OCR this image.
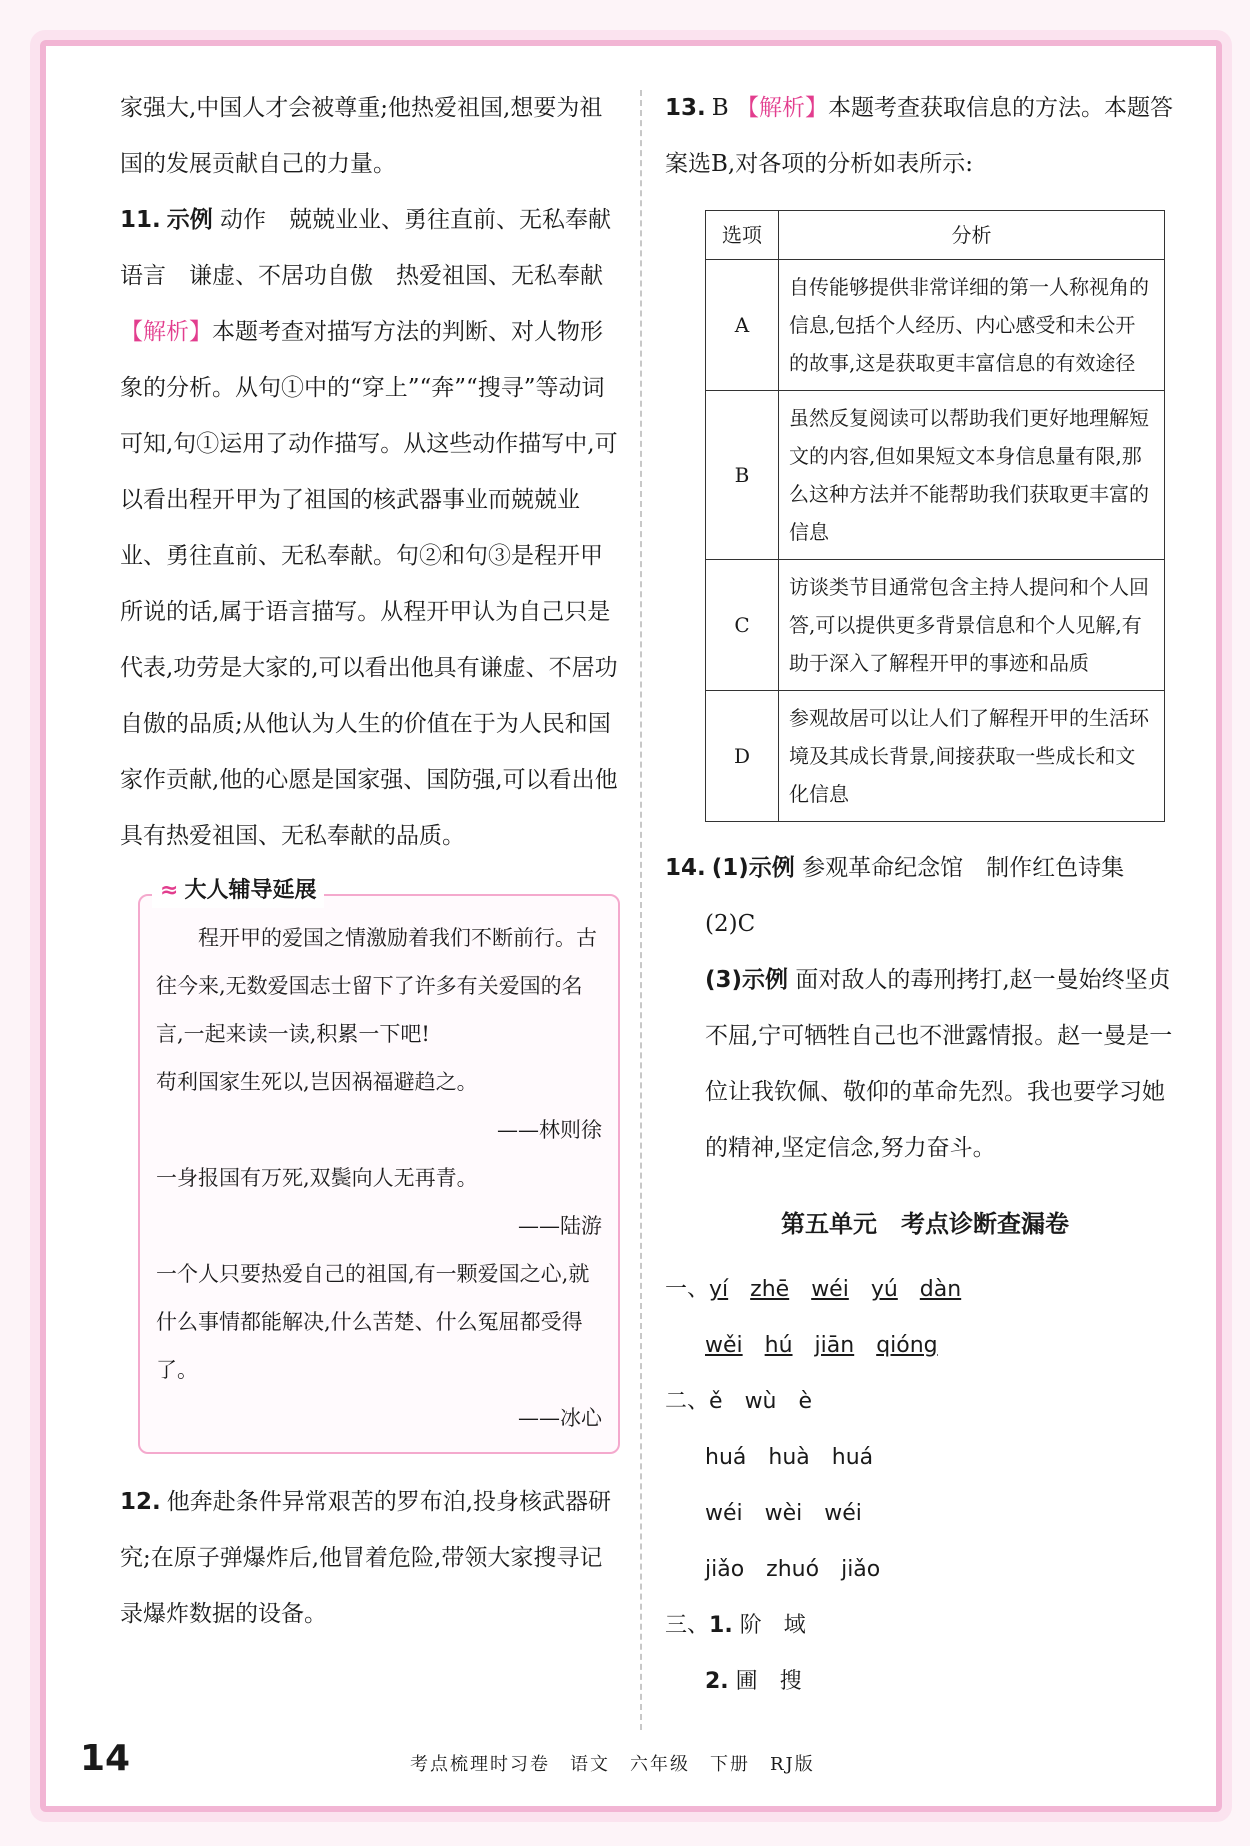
家强大,中国人才会被尊重;他热爱祖国,想要为祖国的发展贡献自己的力量。

11. 示例 动作　兢兢业业、勇往直前、无私奉献　语言　谦虚、不居功自傲　热爱祖国、无私奉献 【解析】本题考查对描写方法的判断、对人物形象的分析。从句①中的“穿上”“奔”“搜寻”等动词可知,句①运用了动作描写。从这些动作描写中,可以看出程开甲为了祖国的核武器事业而兢兢业业、勇往直前、无私奉献。句②和句③是程开甲所说的话,属于语言描写。从程开甲认为自己只是代表,功劳是大家的,可以看出他具有谦虚、不居功自傲的品质;从他认为人生的价值在于为人民和国家作贡献,他的心愿是国家强、国防强,可以看出他具有热爱祖国、无私奉献的品质。

≈ 大人辅导延展

程开甲的爱国之情激励着我们不断前行。古往今来,无数爱国志士留下了许多有关爱国的名言,一起来读一读,积累一下吧!

苟利国家生死以,岂因祸福避趋之。

——林则徐

一身报国有万死,双鬓向人无再青。

——陆游

一个人只要热爱自己的祖国,有一颗爱国之心,就什么事情都能解决,什么苦楚、什么冤屈都受得了。

——冰心

12. 他奔赴条件异常艰苦的罗布泊,投身核武器研究;在原子弹爆炸后,他冒着危险,带领大家搜寻记录爆炸数据的设备。

13. B 【解析】本题考查获取信息的方法。本题答案选B,对各项的分析如表所示:

选项	分析
A	自传能够提供非常详细的第一人称视角的信息,包括个人经历、内心感受和未公开的故事,这是获取更丰富信息的有效途径
B	虽然反复阅读可以帮助我们更好地理解短文的内容,但如果短文本身信息量有限,那么这种方法并不能帮助我们获取更丰富的信息
C	访谈类节目通常包含主持人提问和个人回答,可以提供更多背景信息和个人见解,有助于深入了解程开甲的事迹和品质
D	参观故居可以让人们了解程开甲的生活环境及其成长背景,间接获取一些成长和文化信息

14. (1)示例 参观革命纪念馆　制作红色诗集

(2)C

(3)示例 面对敌人的毒刑拷打,赵一曼始终坚贞不屈,宁可牺牲自己也不泄露情报。赵一曼是一位让我钦佩、敬仰的革命先烈。我也要学习她的精神,坚定信念,努力奋斗。

第五单元　考点诊断查漏卷

一、yí zhē wéi yú dàn

wěi hú jiān qióng

二、ě wù è

huá huà huá

wéi wèi wéi

jiǎo zhuó jiǎo

三、1. 阶　域

2. 圃　搜

14	考点梳理时习卷　语文　六年级　下册　RJ版
